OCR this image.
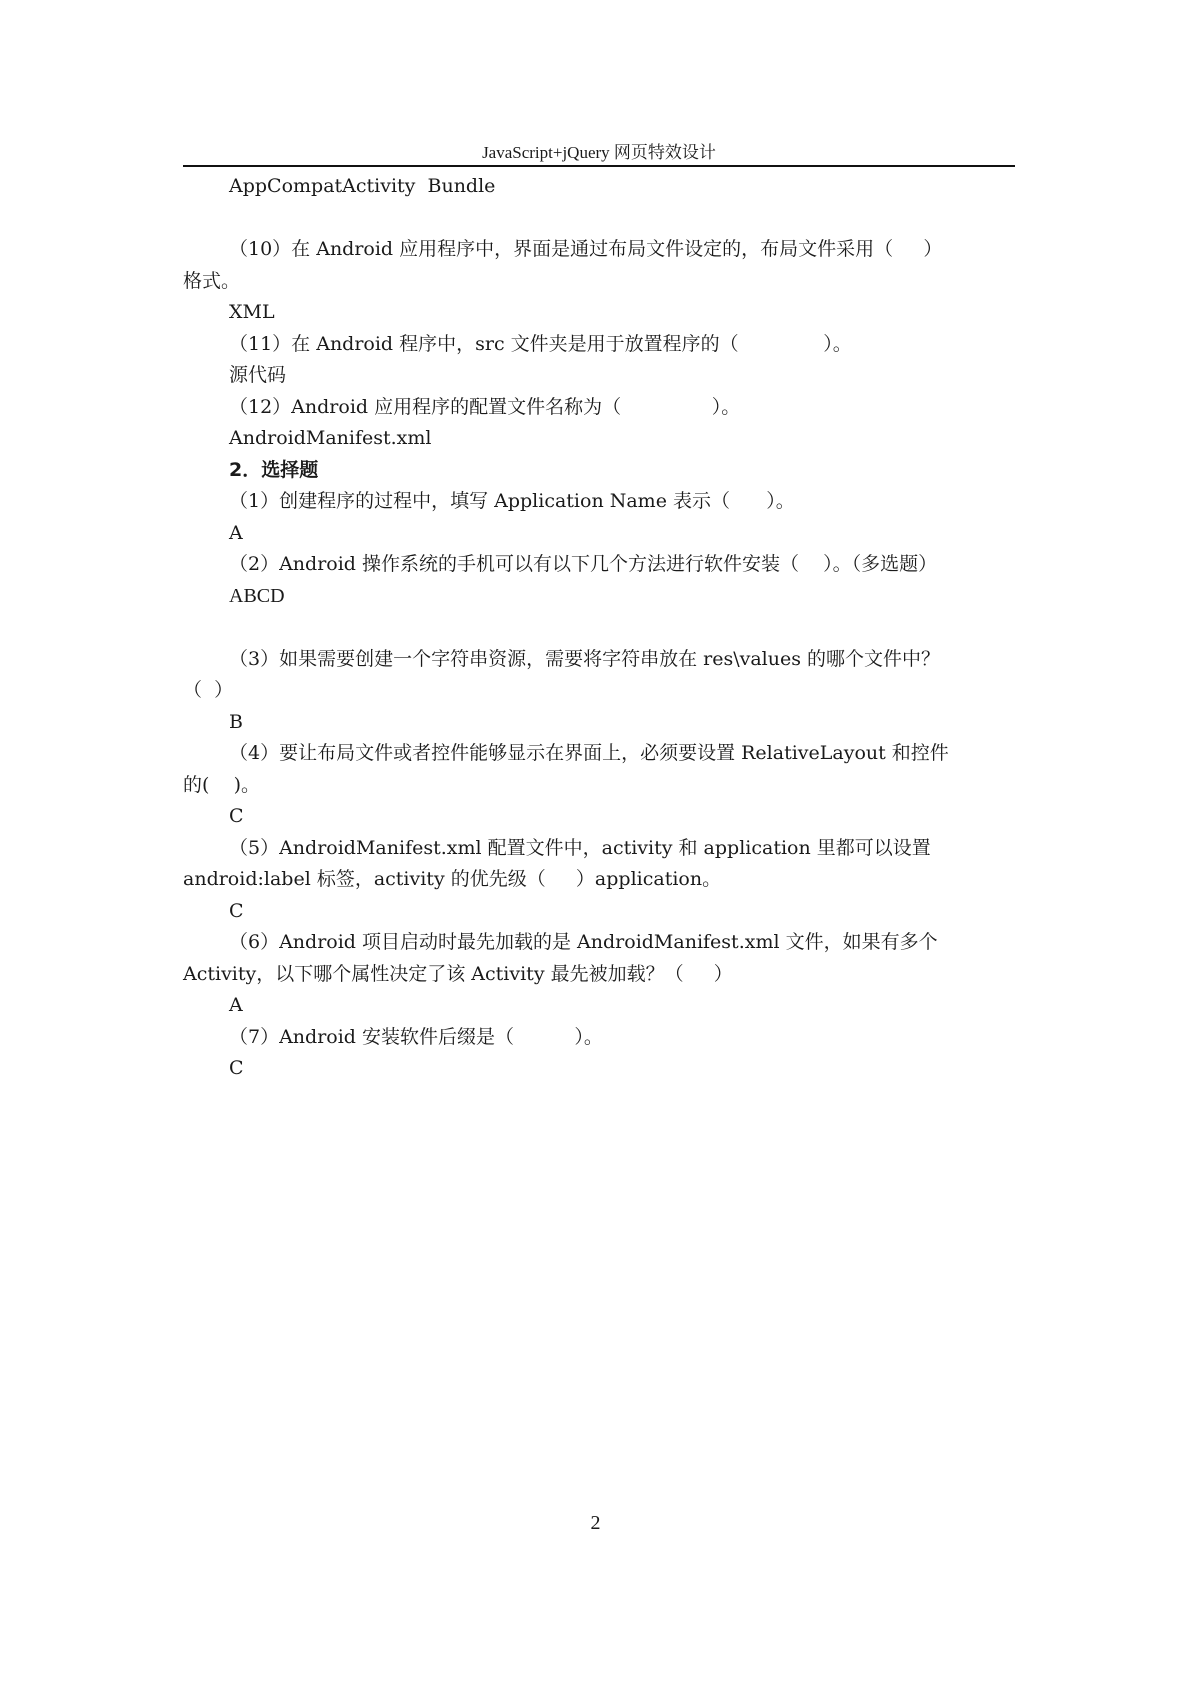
JavaScript+jQuery 网页特效设计
AppCompatActivity  Bundle
（10）在 Android 应用程序中，界面是通过布局文件设定的，布局文件采用（     ）
格式。
XML
（11）在 Android 程序中，src 文件夹是用于放置程序的（              ）。
源代码
（12）Android 应用程序的配置文件名称为（               ）。
AndroidManifest.xml
2．选择题
（1）创建程序的过程中，填写 Application Name 表示（      ）。
A
（2）Android 操作系统的手机可以有以下几个方法进行软件安装（    ）。（多选题）
ABCD
（3）如果需要创建一个字符串资源，需要将字符串放在 res\values 的哪个文件中？
（  ）
B
（4）要让布局文件或者控件能够显示在界面上，必须要设置 RelativeLayout 和控件
的(    )。
C
（5）AndroidManifest.xml 配置文件中，activity 和 application 里都可以设置
android:label 标签，activity 的优先级（     ）application。
C
（6）Android 项目启动时最先加载的是 AndroidManifest.xml 文件，如果有多个
Activity，以下哪个属性决定了该 Activity 最先被加载？（     ）
A
（7）Android 安装软件后缀是（          ）。
C
2
